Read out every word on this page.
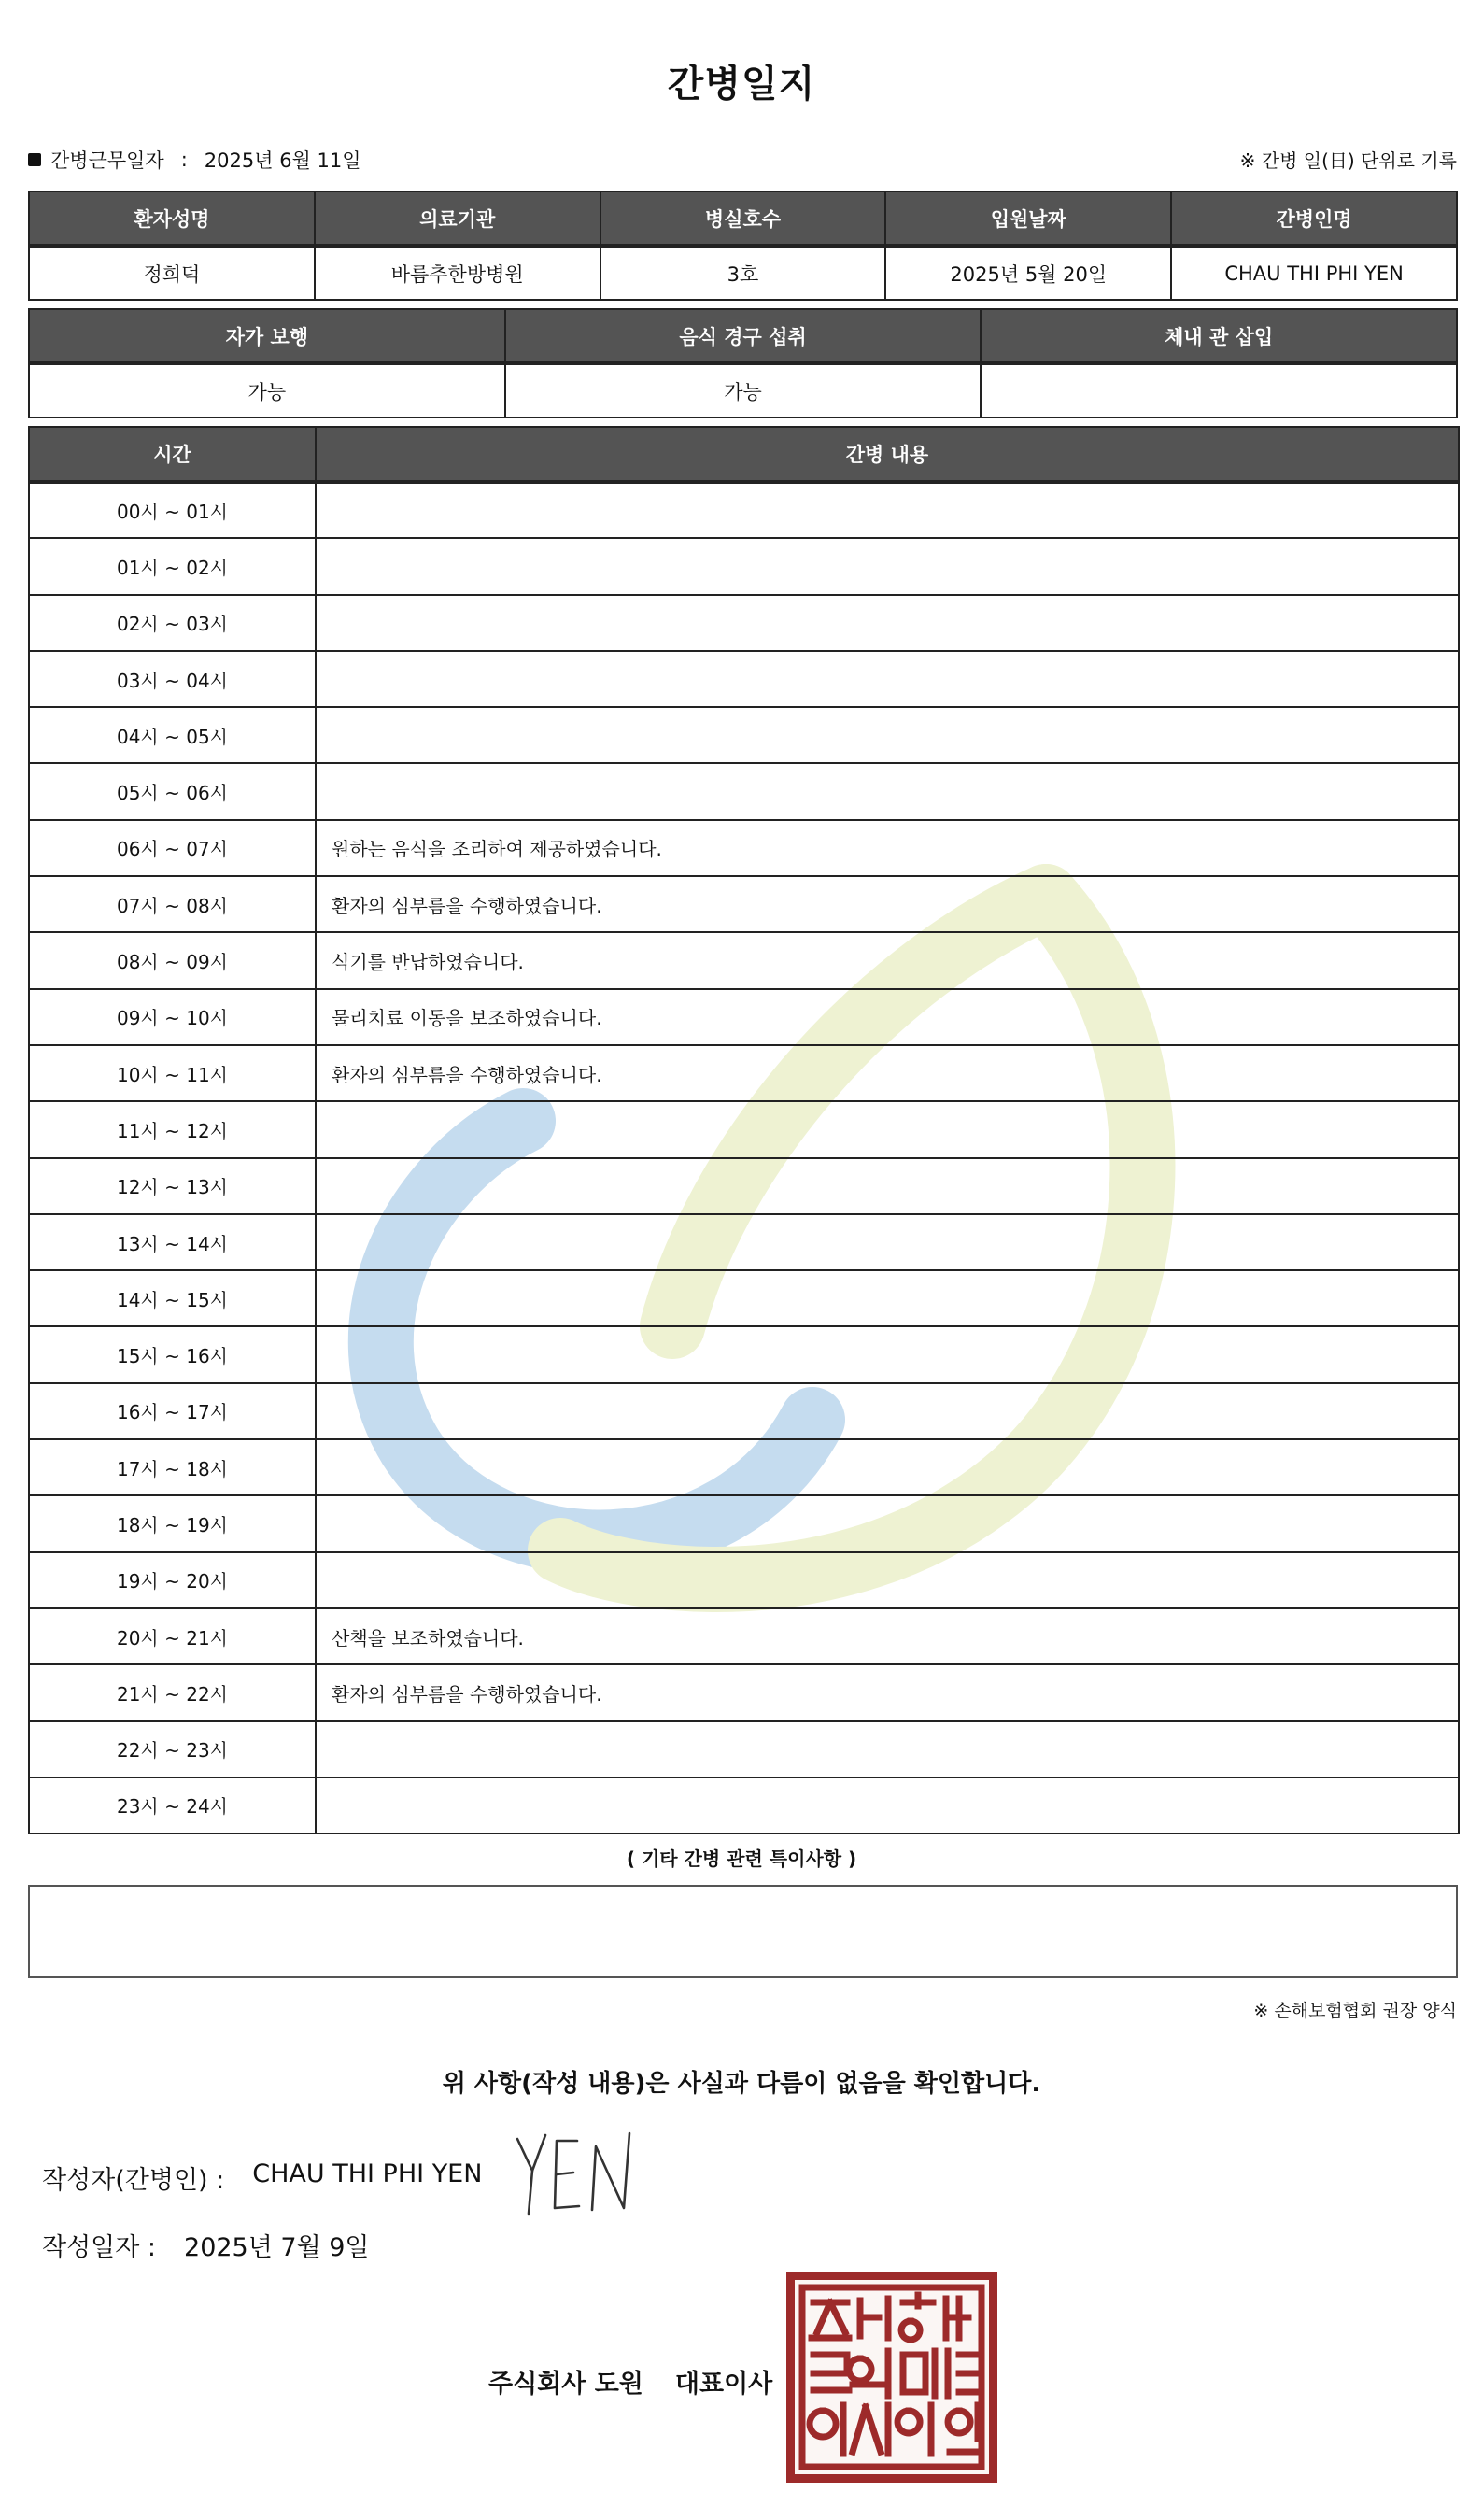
간병일지
간병근무일자 : 2025년 6월 11일	※ 간병 일(日) 단위로 기록
환자성명	의료기관	병실호수	입원날짜	간병인명
정희덕	바름추한방병원	3호	2025년 5월 20일	CHAU THI PHI YEN
자가 보행	음식 경구 섭취	체내 관 삽입
가능	가능	
시간	간병 내용
00시 ~ 01시	
01시 ~ 02시	
02시 ~ 03시	
03시 ~ 04시	
04시 ~ 05시	
05시 ~ 06시	
06시 ~ 07시	원하는 음식을 조리하여 제공하였습니다.
07시 ~ 08시	환자의 심부름을 수행하였습니다.
08시 ~ 09시	식기를 반납하였습니다.
09시 ~ 10시	물리치료 이동을 보조하였습니다.
10시 ~ 11시	환자의 심부름을 수행하였습니다.
11시 ~ 12시	
12시 ~ 13시	
13시 ~ 14시	
14시 ~ 15시	
15시 ~ 16시	
16시 ~ 17시	
17시 ~ 18시	
18시 ~ 19시	
19시 ~ 20시	
20시 ~ 21시	산책을 보조하였습니다.
21시 ~ 22시	환자의 심부름을 수행하였습니다.
22시 ~ 23시	
23시 ~ 24시	
( 기타 간병 관련 특이사항 )
※ 손해보험협회 권장 양식
위 사항(작성 내용)은 사실과 다름이 없음을 확인합니다.
작성자(간병인) : CHAU THI PHI YEN
작성일자 : 2025년 7월 9일
주식회사 도원 대표이사
